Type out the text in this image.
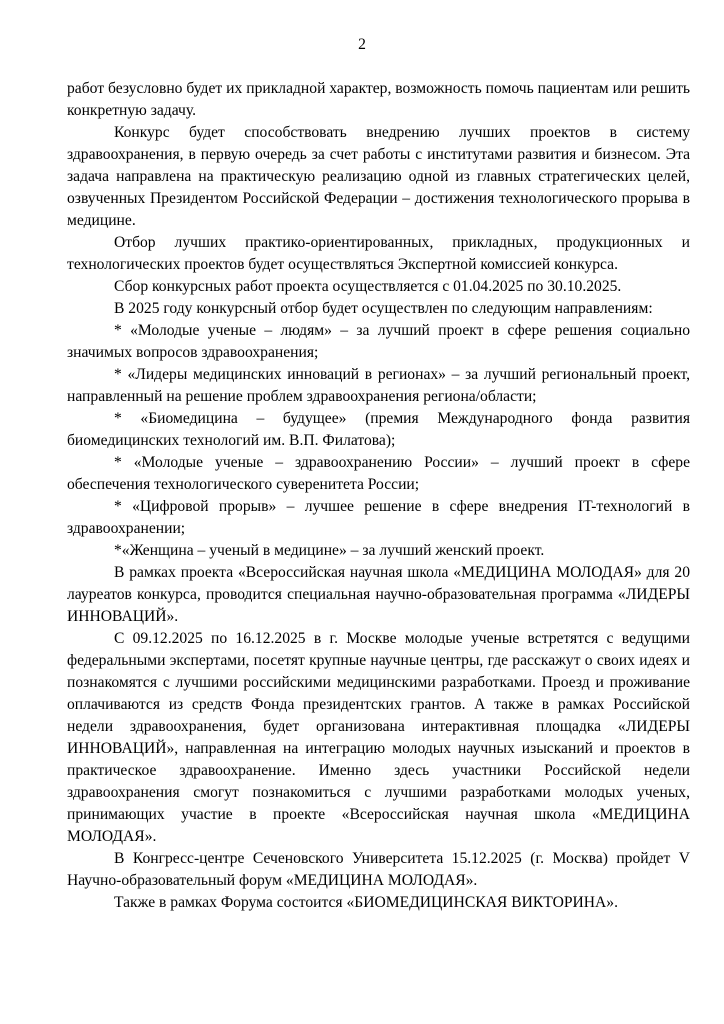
2

работ безусловно будет их прикладной характер, возможность помочь пациентам или решить конкретную задачу.

Конкурс будет способствовать внедрению лучших проектов в систему здравоохранения, в первую очередь за счет работы с институтами развития и бизнесом. Эта задача направлена на практическую реализацию одной из главных стратегических целей, озвученных Президентом Российской Федерации – достижения технологического прорыва в медицине.

Отбор лучших практико-ориентированных, прикладных, продукционных и технологических проектов будет осуществляться Экспертной комиссией конкурса.

Сбор конкурсных работ проекта осуществляется с 01.04.2025 по 30.10.2025.

В 2025 году конкурсный отбор будет осуществлен по следующим направлениям:

* «Молодые ученые – людям» – за лучший проект в сфере решения социально значимых вопросов здравоохранения;
* «Лидеры медицинских инноваций в регионах» – за лучший региональный проект, направленный на решение проблем здравоохранения региона/области;
* «Биомедицина – будущее» (премия Международного фонда развития биомедицинских технологий им. В.П. Филатова);
* «Молодые ученые – здравоохранению России» – лучший проект в сфере обеспечения технологического суверенитета России;
* «Цифровой прорыв» – лучшее решение в сфере внедрения IT-технологий в здравоохранении;
*«Женщина – ученый в медицине» – за лучший женский проект.

В рамках проекта «Всероссийская научная школа «МЕДИЦИНА МОЛОДАЯ» для 20 лауреатов конкурса, проводится специальная научно-образовательная программа «ЛИДЕРЫ ИННОВАЦИЙ».

С 09.12.2025 по 16.12.2025 в г. Москве молодые ученые встретятся с ведущими федеральными экспертами, посетят крупные научные центры, где расскажут о своих идеях и познакомятся с лучшими российскими медицинскими разработками. Проезд и проживание оплачиваются из средств Фонда президентских грантов. А также в рамках Российской недели здравоохранения, будет организована интерактивная площадка «ЛИДЕРЫ ИННОВАЦИЙ», направленная на интеграцию молодых научных изысканий и проектов в практическое здравоохранение. Именно здесь участники Российской недели здравоохранения смогут познакомиться с лучшими разработками молодых ученых, принимающих участие в проекте «Всероссийская научная школа «МЕДИЦИНА МОЛОДАЯ».

В Конгресс-центре Сеченовского Университета 15.12.2025 (г. Москва) пройдет V Научно-образовательный форум «МЕДИЦИНА МОЛОДАЯ».

Также в рамках Форума состоится «БИОМЕДИЦИНСКАЯ ВИКТОРИНА».
